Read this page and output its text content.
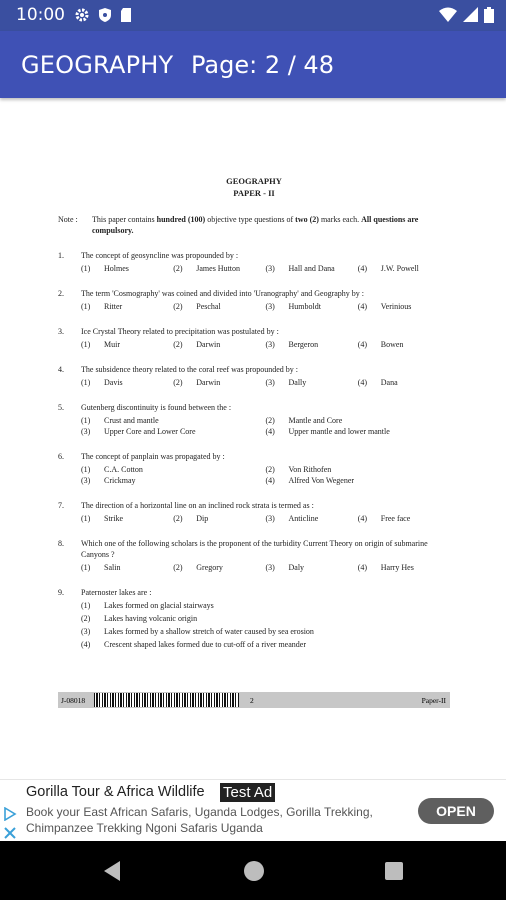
10:00
GEOGRAPHY Page: 2 / 48
GEOGRAPHY
PAPER - II
Note :	This paper contains hundred (100) objective type questions of two (2) marks each. All questions are compulsory.
1.	The concept of geosyncline was propounded by :
(1)	Holmes	(2)	James Hutton	(3)	Hall and Dana	(4)	J.W. Powell
2.	The term 'Cosmography' was coined and divided into 'Uranography' and Geography by :
(1)	Ritter	(2)	Peschal	(3)	Humboldt	(4)	Verinious
3.	Ice Crystal Theory related to precipitation was postulated by :
(1)	Muir	(2)	Darwin	(3)	Bergeron	(4)	Bowen
4.	The subsidence theory related to the coral reef was propounded by :
(1)	Davis	(2)	Darwin	(3)	Dally	(4)	Dana
5.	Gutenberg discontinuity is found between the :
(1)	Crust and mantle	(2)	Mantle and Core
(3)	Upper Core and Lower Core	(4)	Upper mantle and lower mantle
6.	The concept of panplain was propagated by :
(1)	C.A. Cotton	(2)	Von Rithofen
(3)	Crickmay	(4)	Alfred Von Wegener
7.	The direction of a horizontal line on an inclined rock strata is termed as :
(1)	Strike	(2)	Dip	(3)	Anticline	(4)	Free face
8.	Which one of the following scholars is the proponent of the turbidity Current Theory on origin of submarine Canyons ?
(1)	Salin	(2)	Gregory	(3)	Daly	(4)	Harry Hes
9.	Paternoster lakes are :
(1)	Lakes formed on glacial stairways
(2)	Lakes having volcanic origin
(3)	Lakes formed by a shallow stretch of water caused by sea erosion
(4)	Crescent shaped lakes formed due to cut-off of a river meander
J-08018	2	Paper-II
Gorilla Tour & Africa Wildlife Test Ad

Book your East African Safaris, Uganda Lodges, Gorilla Trekking, Chimpanzee Trekking Ngoni Safaris Uganda
OPEN
